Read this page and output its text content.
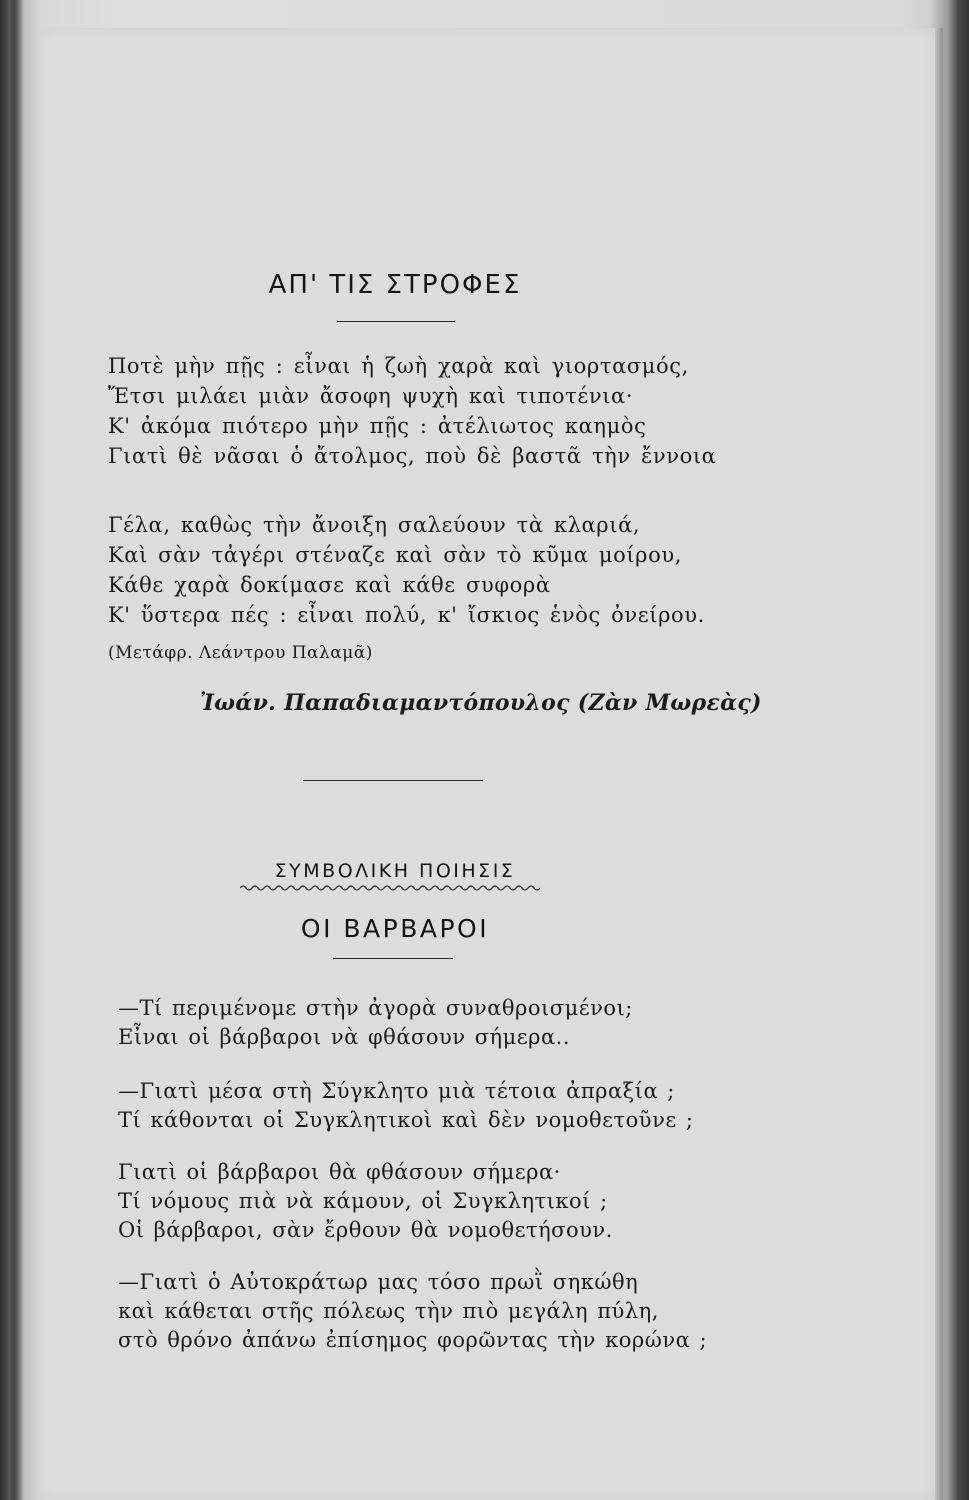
ΑΠ' ΤΙΣ ΣΤΡΟΦΕΣ
Ποτὲ μὴν πῇς : εἶναι ἡ ζωὴ χαρὰ καὶ γιορτασμός,
Ἔτσι μιλάει μιὰν ἄσοφη ψυχὴ καὶ τιποτένια·
Κ' ἀκόμα πιότερο μὴν πῇς : ἀτέλιωτος καημὸς
Γιατὶ θὲ νᾶσαι ὁ ἄτολμος, ποὺ δὲ βαστᾶ τὴν ἔννοια
Γέλα, καθὼς τὴν ἄνοιξη σαλεύουν τὰ κλαριά,
Καὶ σὰν τἀγέρι στέναζε καὶ σὰν τὸ κῦμα μοίρου,
Κάθε χαρὰ δοκίμασε καὶ κάθε συφορὰ
Κ' ὕστερα πές : εἶναι πολύ, κ' ἴσκιος ἑνὸς ὀνείρου.
(Μετάφρ. Λεάντρου Παλαμᾶ)
Ἰωάν. Παπαδιαμαντόπουλος (Ζὰν Μωρεὰς)
ΣΥΜΒΟΛΙΚΗ ΠΟΙΗΣΙΣ
ΟΙ ΒΑΡΒΑΡΟΙ
—Τί περιμένομε στὴν ἀγορὰ συναθροισμένοι;
Εἶναι οἱ βάρβαροι νὰ φθάσουν σήμερα..
—Γιατὶ μέσα στὴ Σύγκλητο μιὰ τέτοια ἀπραξία ;
Τί κάθονται οἱ Συγκλητικοὶ καὶ δὲν νομοθετοῦνε ;
Γιατὶ οἱ βάρβαροι θὰ φθάσουν σήμερα·
Τί νόμους πιὰ νὰ κάμουν, οἱ Συγκλητικοί ;
Οἱ βάρβαροι, σὰν ἔρθουν θὰ νομοθετήσουν.
—Γιατὶ ὁ Αὐτοκράτωρ μας τόσο πρωῒ σηκώθη
καὶ κάθεται στῆς πόλεως τὴν πιὸ μεγάλη πύλη,
στὸ θρόνο ἀπάνω ἐπίσημος φορῶντας τὴν κορώνα ;
